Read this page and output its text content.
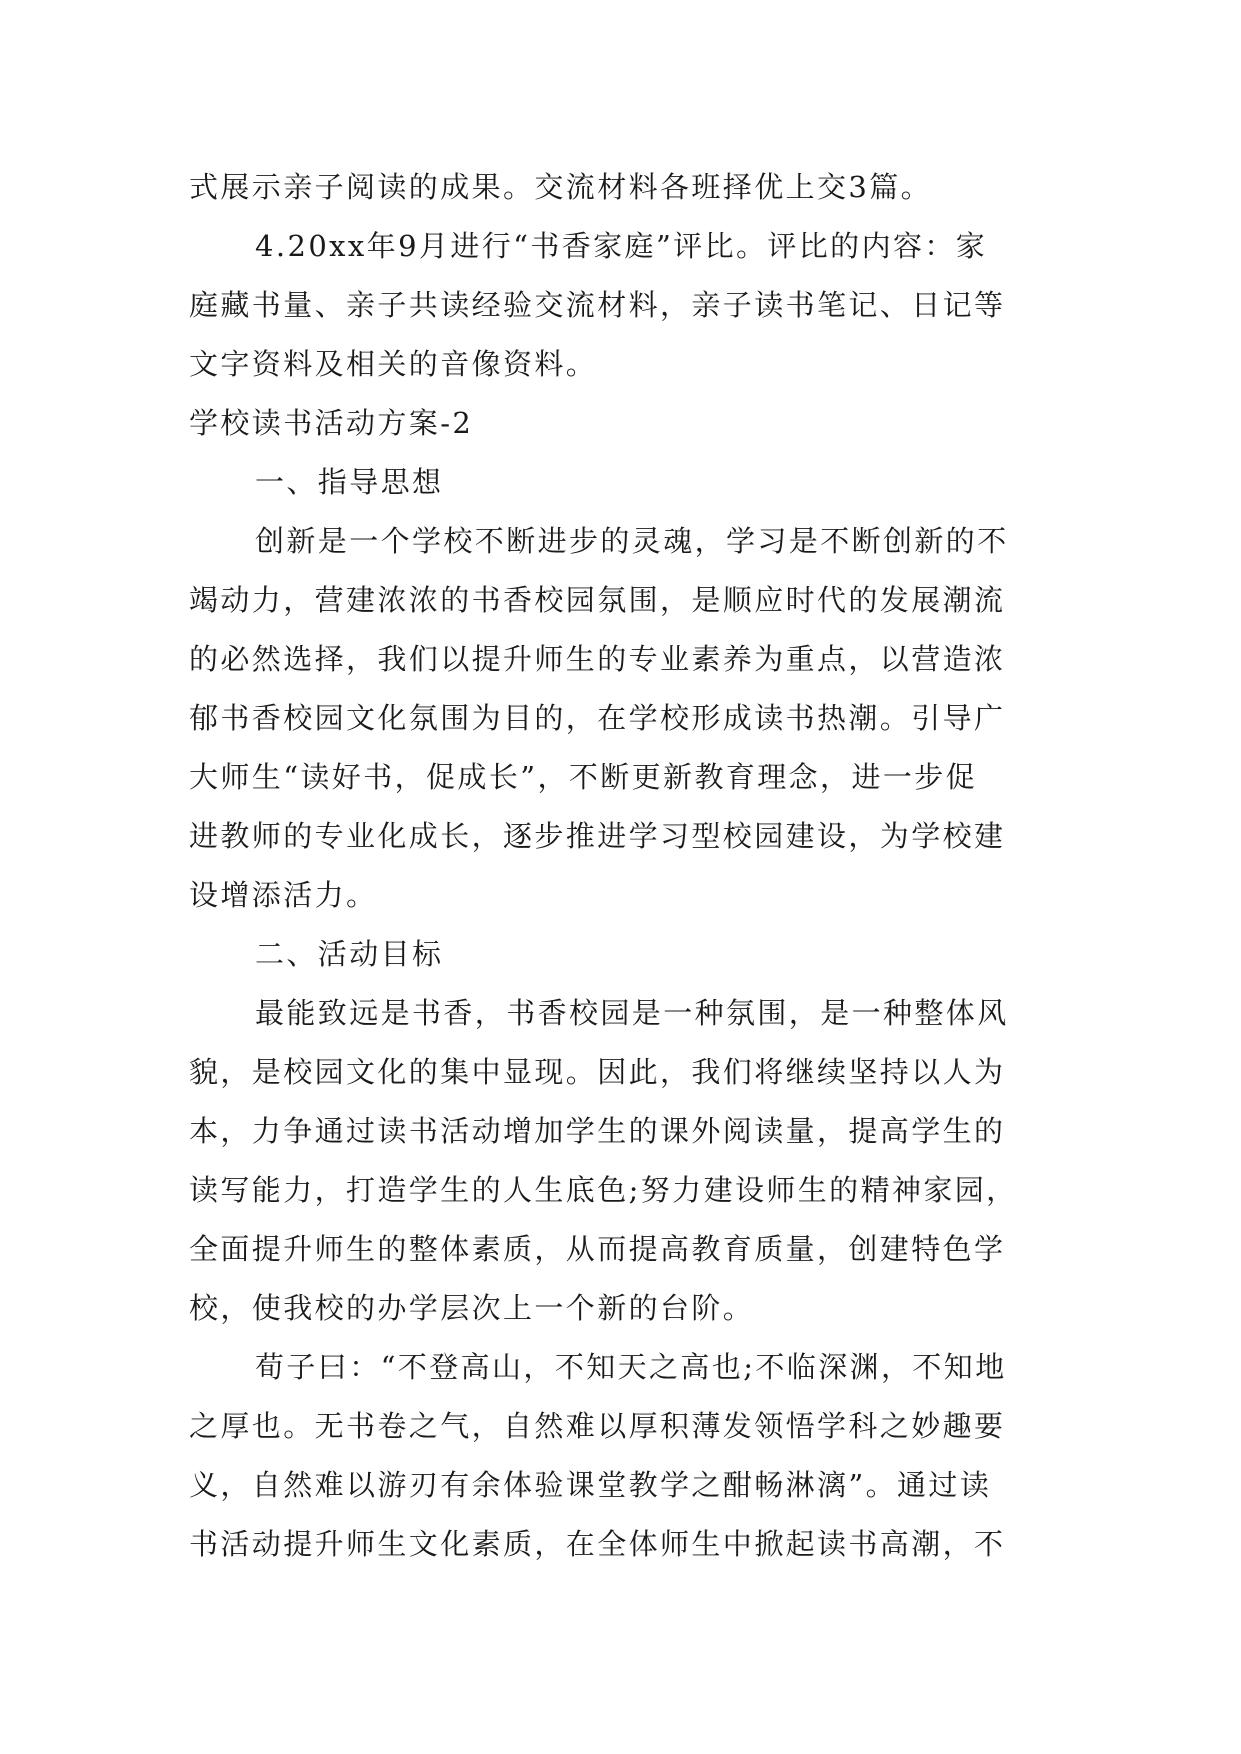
式展示亲子阅读的成果。交流材料各班择优上交3篇。
4.20xx年9月进行“书香家庭”评比。评比的内容：家
庭藏书量、亲子共读经验交流材料，亲子读书笔记、日记等
文字资料及相关的音像资料。
学校读书活动方案-2
一、指导思想
创新是一个学校不断进步的灵魂，学习是不断创新的不
竭动力，营建浓浓的书香校园氛围，是顺应时代的发展潮流
的必然选择，我们以提升师生的专业素养为重点，以营造浓
郁书香校园文化氛围为目的，在学校形成读书热潮。引导广
大师生“读好书，促成长”，不断更新教育理念，进一步促
进教师的专业化成长，逐步推进学习型校园建设，为学校建
设增添活力。
二、活动目标
最能致远是书香，书香校园是一种氛围，是一种整体风
貌，是校园文化的集中显现。因此，我们将继续坚持以人为
本，力争通过读书活动增加学生的课外阅读量，提高学生的
读写能力，打造学生的人生底色;努力建设师生的精神家园，
全面提升师生的整体素质，从而提高教育质量，创建特色学
校，使我校的办学层次上一个新的台阶。
荀子曰：“不登高山，不知天之高也;不临深渊，不知地
之厚也。无书卷之气，自然难以厚积薄发领悟学科之妙趣要
义，自然难以游刃有余体验课堂教学之酣畅淋漓”。通过读
书活动提升师生文化素质，在全体师生中掀起读书高潮，不
